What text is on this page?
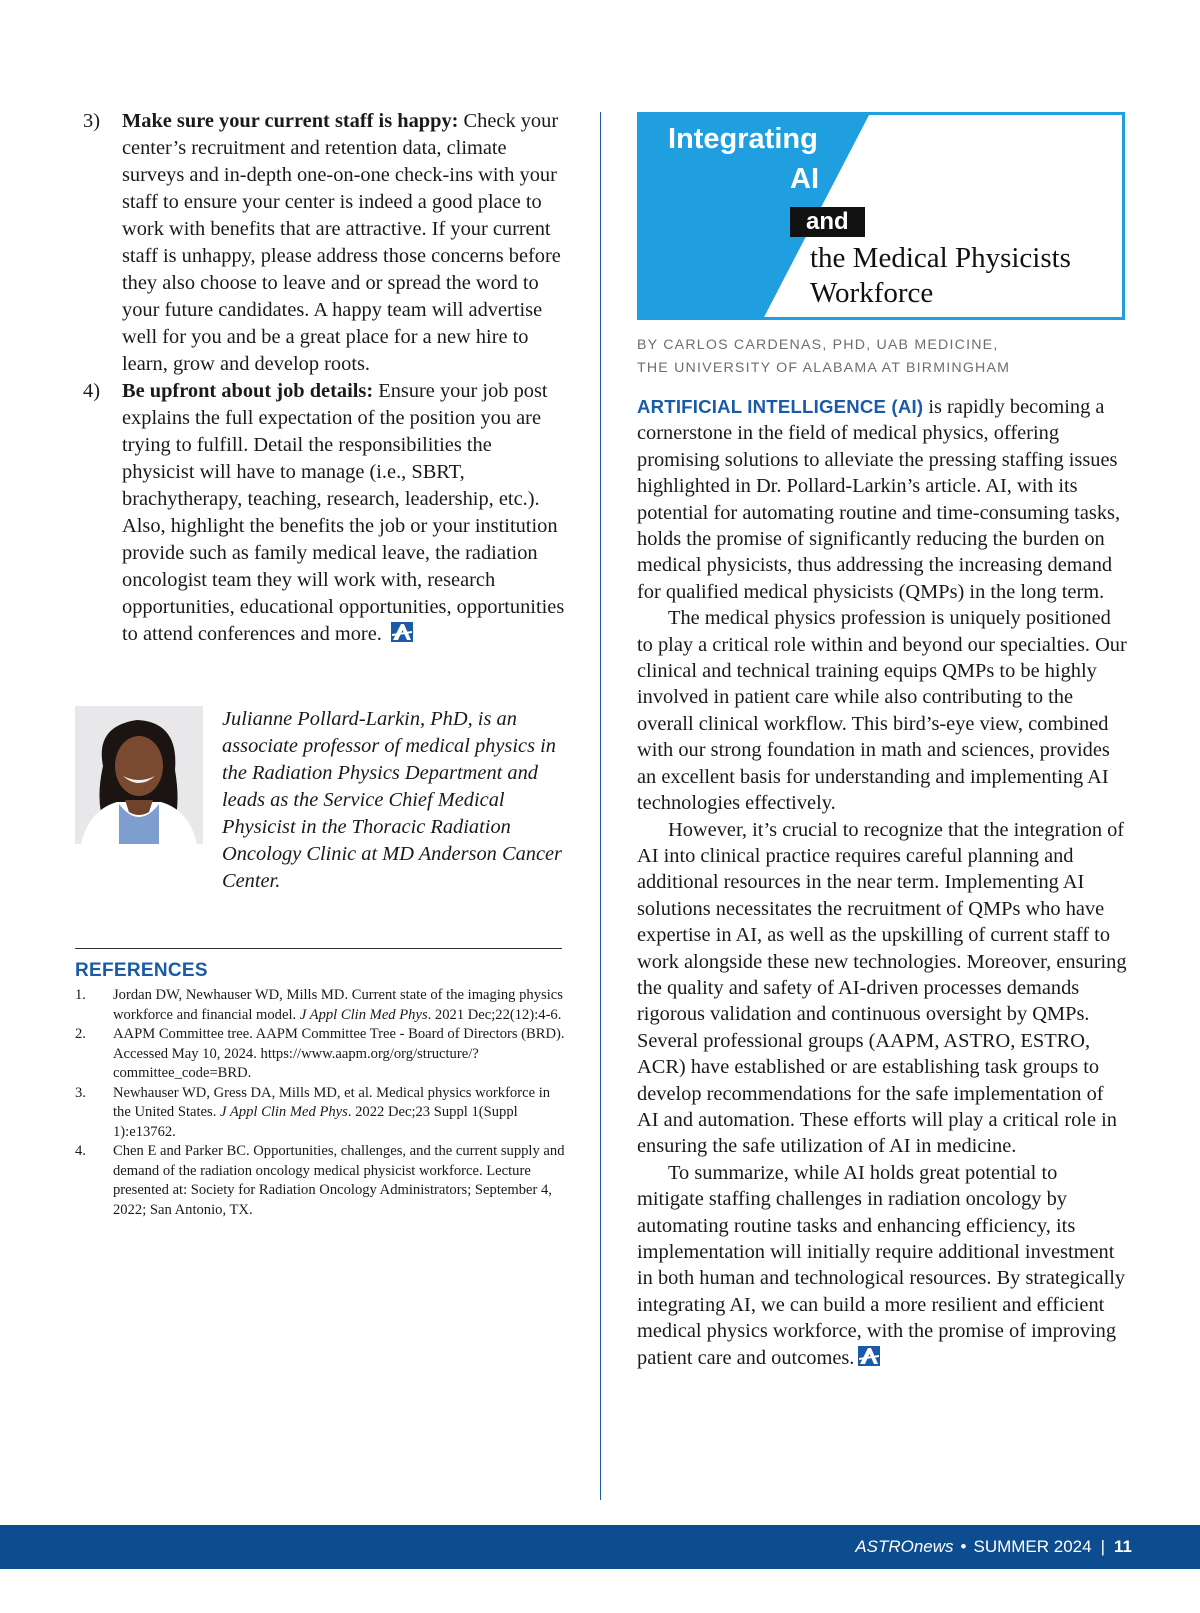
3) Make sure your current staff is happy: Check your center’s recruitment and retention data, climate surveys and in-depth one-on-one check-ins with your staff to ensure your center is indeed a good place to work with benefits that are attractive. If your current staff is unhappy, please address those concerns before they also choose to leave and or spread the word to your future candidates. A happy team will advertise well for you and be a great place for a new hire to learn, grow and develop roots.
4) Be upfront about job details: Ensure your job post explains the full expectation of the position you are trying to fulfill. Detail the responsibilities the physicist will have to manage (i.e., SBRT, brachytherapy, teaching, research, leadership, etc.). Also, highlight the benefits the job or your institution provide such as family medical leave, the radiation oncologist team they will work with, research opportunities, educational opportunities, opportunities to attend conferences and more.
Julianne Pollard-Larkin, PhD, is an associate professor of medical physics in the Radiation Physics Department and leads as the Service Chief Medical Physicist in the Thoracic Radiation Oncology Clinic at MD Anderson Cancer Center.
REFERENCES
1. Jordan DW, Newhauser WD, Mills MD. Current state of the imaging physics workforce and financial model. J Appl Clin Med Phys. 2021 Dec;22(12):4-6.
2. AAPM Committee tree. AAPM Committee Tree - Board of Directors (BRD). Accessed May 10, 2024. https://www.aapm.org/org/structure/?committee_code=BRD.
3. Newhauser WD, Gress DA, Mills MD, et al. Medical physics workforce in the United States. J Appl Clin Med Phys. 2022 Dec;23 Suppl 1(Suppl 1):e13762.
4. Chen E and Parker BC. Opportunities, challenges, and the current supply and demand of the radiation oncology medical physicist workforce. Lecture presented at: Society for Radiation Oncology Administrators; September 4, 2022; San Antonio, TX.
Integrating
AI
and
the Medical Physicists Workforce
BY CARLOS CARDENAS, PHD, UAB MEDICINE,
THE UNIVERSITY OF ALABAMA AT BIRMINGHAM

ARTIFICIAL INTELLIGENCE (AI) is rapidly becoming a cornerstone in the field of medical physics, offering promising solutions to alleviate the pressing staffing issues highlighted in Dr. Pollard-Larkin’s article. AI, with its potential for automating routine and time-consuming tasks, holds the promise of significantly reducing the burden on medical physicists, thus addressing the increasing demand for qualified medical physicists (QMPs) in the long term.

The medical physics profession is uniquely positioned to play a critical role within and beyond our specialties. Our clinical and technical training equips QMPs to be highly involved in patient care while also contributing to the overall clinical workflow. This bird’s-eye view, combined with our strong foundation in math and sciences, provides an excellent basis for understanding and implementing AI technologies effectively.

However, it’s crucial to recognize that the integration of AI into clinical practice requires careful planning and additional resources in the near term. Implementing AI solutions necessitates the recruitment of QMPs who have expertise in AI, as well as the upskilling of current staff to work alongside these new technologies. Moreover, ensuring the quality and safety of AI-driven processes demands rigorous validation and continuous oversight by QMPs. Several professional groups (AAPM, ASTRO, ESTRO, ACR) have established or are establishing task groups to develop recommendations for the safe implementation of AI and automation. These efforts will play a critical role in ensuring the safe utilization of AI in medicine.

To summarize, while AI holds great potential to mitigate staffing challenges in radiation oncology by automating routine tasks and enhancing efficiency, its implementation will initially require additional investment in both human and technological resources. By strategically integrating AI, we can build a more resilient and efficient medical physics workforce, with the promise of improving patient care and outcomes.

ASTROnews • SUMMER 2024 | 11
